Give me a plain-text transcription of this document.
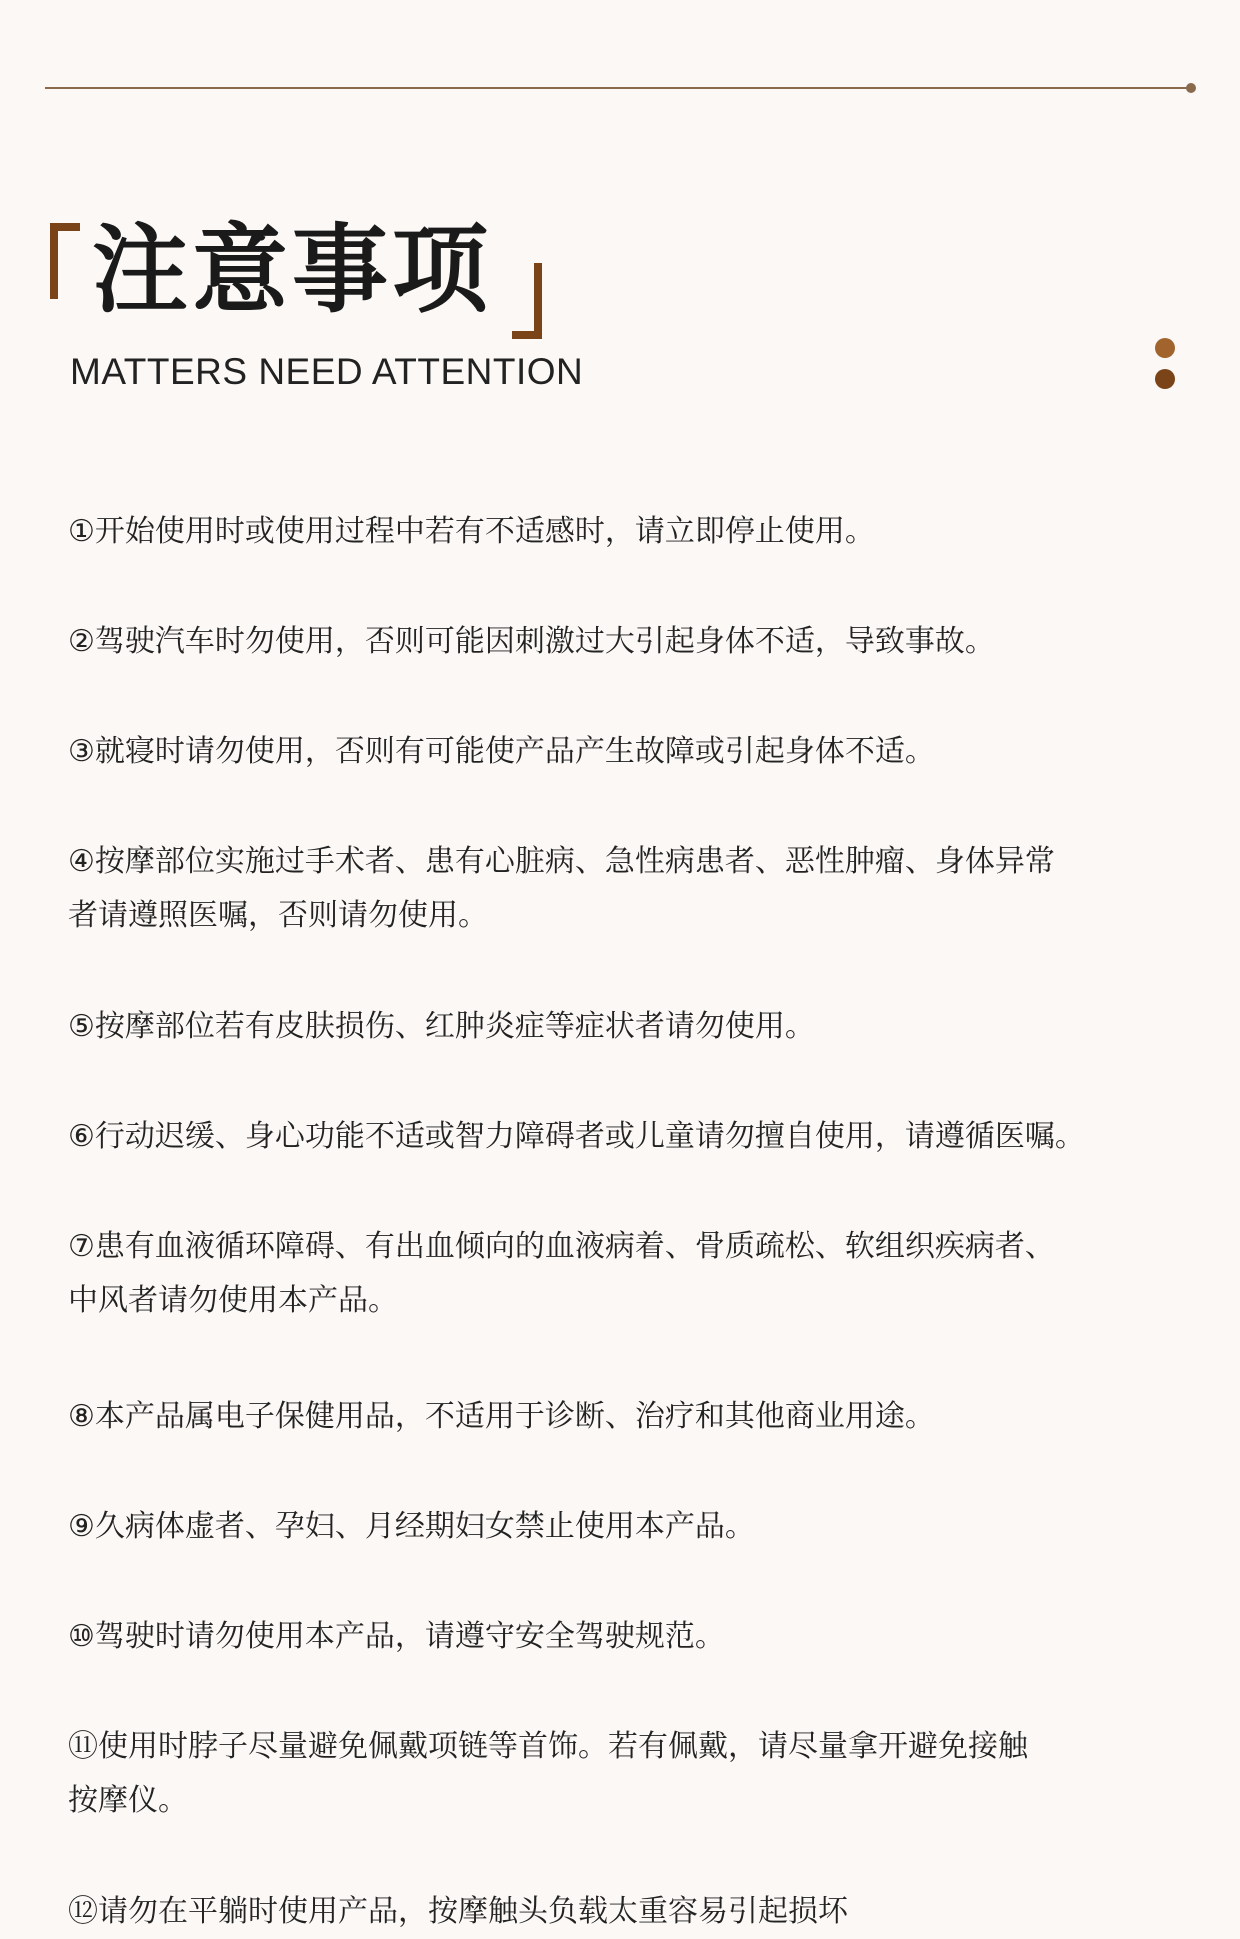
注意事项

MATTERS NEED ATTENTION

①开始使用时或使用过程中若有不适感时，请立即停止使用。
②驾驶汽车时勿使用，否则可能因刺激过大引起身体不适，导致事故。
③就寝时请勿使用，否则有可能使产品产生故障或引起身体不适。
④按摩部位实施过手术者、患有心脏病、急性病患者、恶性肿瘤、身体异常
者请遵照医嘱，否则请勿使用。
⑤按摩部位若有皮肤损伤、红肿炎症等症状者请勿使用。
⑥行动迟缓、身心功能不适或智力障碍者或儿童请勿擅自使用，请遵循医嘱。
⑦患有血液循环障碍、有出血倾向的血液病着、骨质疏松、软组织疾病者、
中风者请勿使用本产品。
⑧本产品属电子保健用品，不适用于诊断、治疗和其他商业用途。
⑨久病体虚者、孕妇、月经期妇女禁止使用本产品。
⑩驾驶时请勿使用本产品，请遵守安全驾驶规范。
⑪使用时脖子尽量避免佩戴项链等首饰。若有佩戴，请尽量拿开避免接触
按摩仪。
⑫请勿在平躺时使用产品，按摩触头负载太重容易引起损坏
